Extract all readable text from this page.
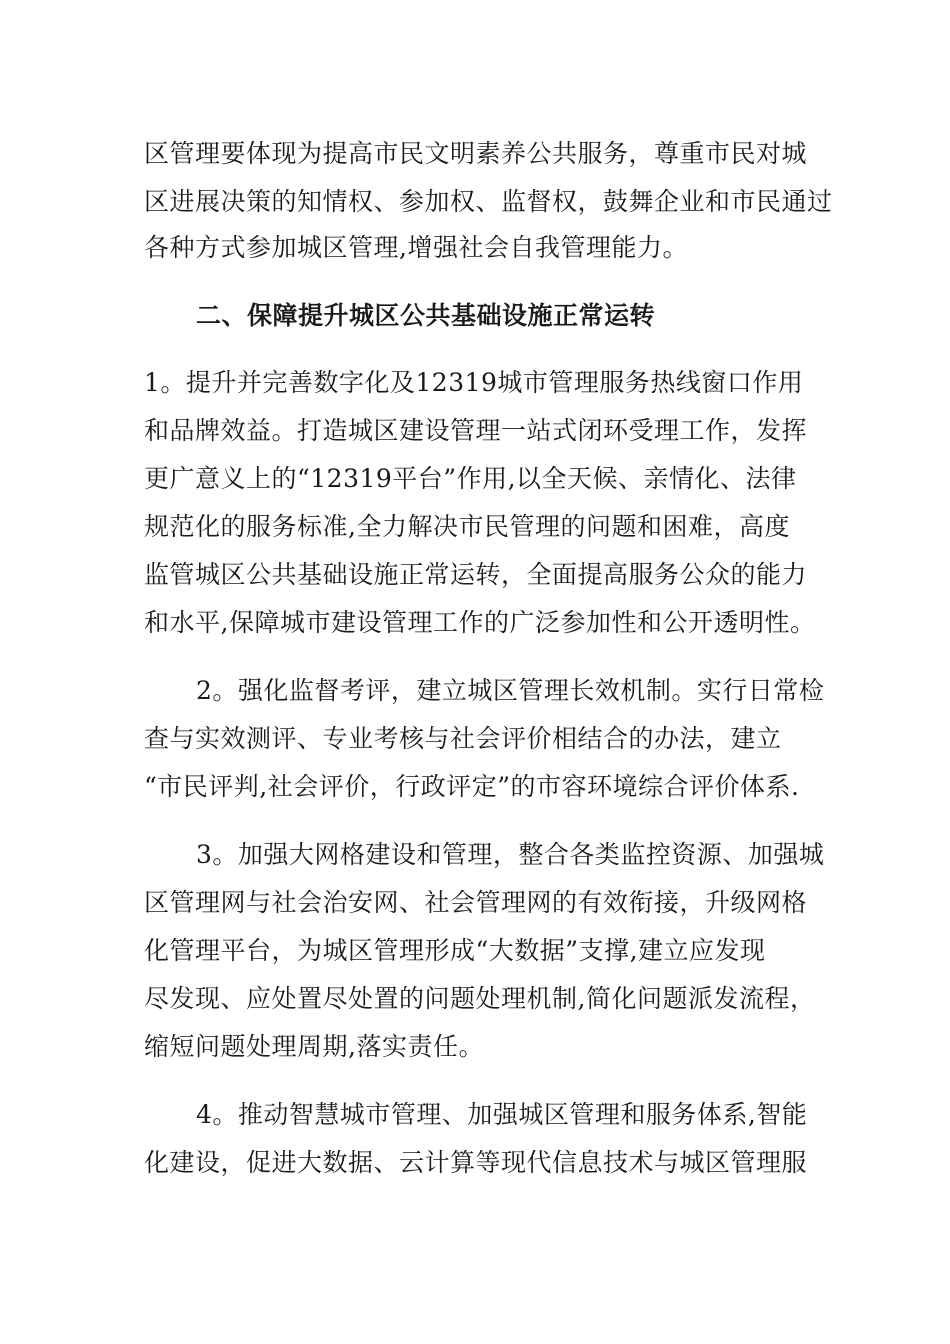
区管理要体现为提高市民文明素养公共服务，尊重市民对城
区进展决策的知情权、参加权、监督权，鼓舞企业和市民通过
各种方式参加城区管理,增强社会自我管理能力。
二、保障提升城区公共基础设施正常运转
1。提升并完善数字化及12319城市管理服务热线窗口作用
和品牌效益。打造城区建设管理一站式闭环受理工作，发挥
更广意义上的“12319平台”作用,以全天候、亲情化、法律
规范化的服务标准,全力解决市民管理的问题和困难，高度
监管城区公共基础设施正常运转，全面提高服务公众的能力
和水平,保障城市建设管理工作的广泛参加性和公开透明性。
2。强化监督考评，建立城区管理长效机制。实行日常检
查与实效测评、专业考核与社会评价相结合的办法，建立
“市民评判,社会评价，行政评定”的市容环境综合评价体系.
3。加强大网格建设和管理，整合各类监控资源、加强城
区管理网与社会治安网、社会管理网的有效衔接，升级网格
化管理平台，为城区管理形成“大数据”支撑,建立应发现
尽发现、应处置尽处置的问题处理机制,简化问题派发流程，
缩短问题处理周期,落实责任。
4。推动智慧城市管理、加强城区管理和服务体系,智能
化建设，促进大数据、云计算等现代信息技术与城区管理服
